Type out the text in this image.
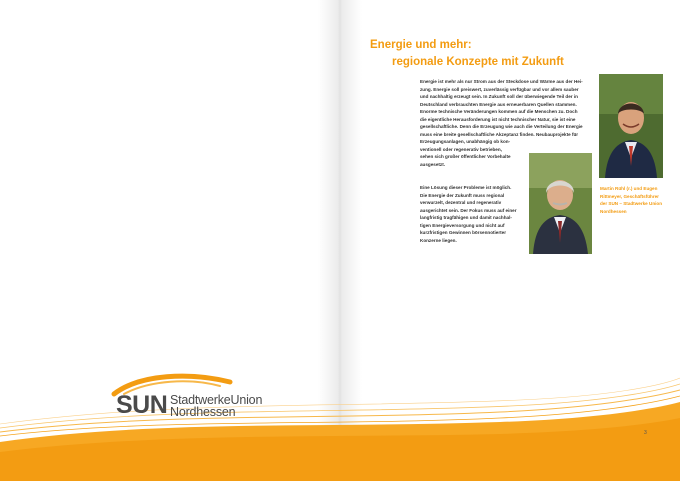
SUN StadtwerkeUnion
Nordhessen
Energie und mehr:
regionale Konzepte mit Zukunft
Energie ist mehr als nur Strom aus der Steckdose und Wärme aus der Hei-
zung. Energie soll preiswert, zuverlässig verfügbar und vor allem sauber
und nachhaltig erzeugt sein. In Zukunft soll der überwiegende Teil der in
Deutschland verbrauchten Energie aus erneuerbaren Quellen stammen.
Enorme technische Veränderungen kommen auf die Menschen zu. Doch
die eigentliche Herausforderung ist nicht technischer Natur, sie ist eine
gesellschaftliche. Denn die Erzeugung wie auch die Verteilung der Energie
muss eine breite gesellschaftliche Akzeptanz finden. Neubauprojekte für
Erzeugungsanlagen, unabhängig ob kon-
ventionell oder regenerativ betrieben,
sehen sich großer öffentlicher Vorbehalte
ausgesetzt.
Eine Lösung dieser Probleme ist möglich.
Die Energie der Zukunft muss regional
verwurzelt, dezentral und regenerativ
ausgerichtet sein. Der Fokus muss auf einer
langfristig tragfähigen und damit nachhal-
tigen Energieversorgung und nicht auf
kurzfristigen Gewinnen börsennotierter
Konzerne liegen.
Martin Rühl (r.) und Eugen
Rittmeyer, Geschäftsführer
der SUN – Stadtwerke Union
Nordhessen
3
